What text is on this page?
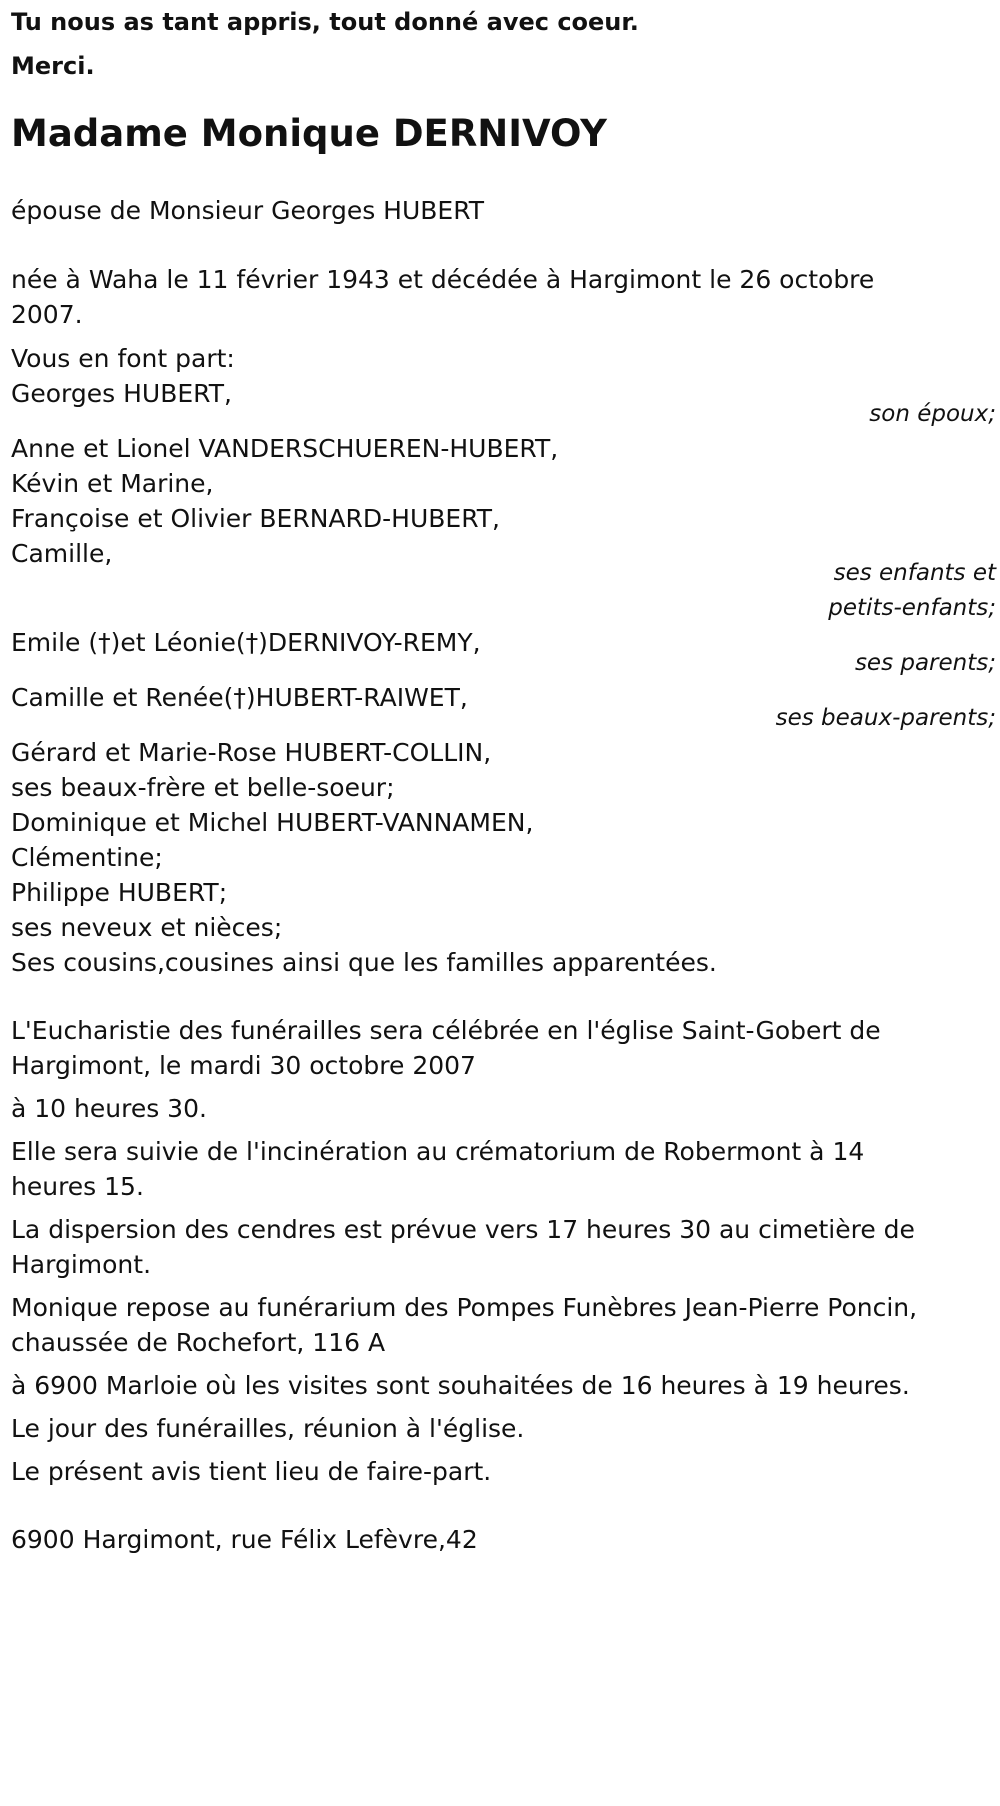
Tu nous as tant appris, tout donné avec coeur.
Merci.
Madame Monique DERNIVOY
épouse de Monsieur Georges HUBERT
née à Waha le 11 février 1943 et décédée à Hargimont le 26 octobre
2007.
Vous en font part:
Georges HUBERT,
son époux;
Anne et Lionel VANDERSCHUEREN-HUBERT,
Kévin et Marine,
Françoise et Olivier BERNARD-HUBERT,
Camille,
ses enfants et
petits-enfants;
Emile (†)et Léonie(†)DERNIVOY-REMY,
ses parents;
Camille et Renée(†)HUBERT-RAIWET,
ses beaux-parents;
Gérard et Marie-Rose HUBERT-COLLIN,
ses beaux-frère et belle-soeur;
Dominique et Michel HUBERT-VANNAMEN,
Clémentine;
Philippe HUBERT;
ses neveux et nièces;
Ses cousins,cousines ainsi que les familles apparentées.
L'Eucharistie des funérailles sera célébrée en l'église Saint-Gobert de
Hargimont, le mardi 30 octobre 2007
à 10 heures 30.
Elle sera suivie de l'incinération au crématorium de Robermont à 14
heures 15.
La dispersion des cendres est prévue vers 17 heures 30 au cimetière de
Hargimont.
Monique repose au funérarium des Pompes Funèbres Jean-Pierre Poncin,
chaussée de Rochefort, 116 A
à 6900 Marloie où les visites sont souhaitées de 16 heures à 19 heures.
Le jour des funérailles, réunion à l'église.
Le présent avis tient lieu de faire-part.
6900 Hargimont, rue Félix Lefèvre,42
